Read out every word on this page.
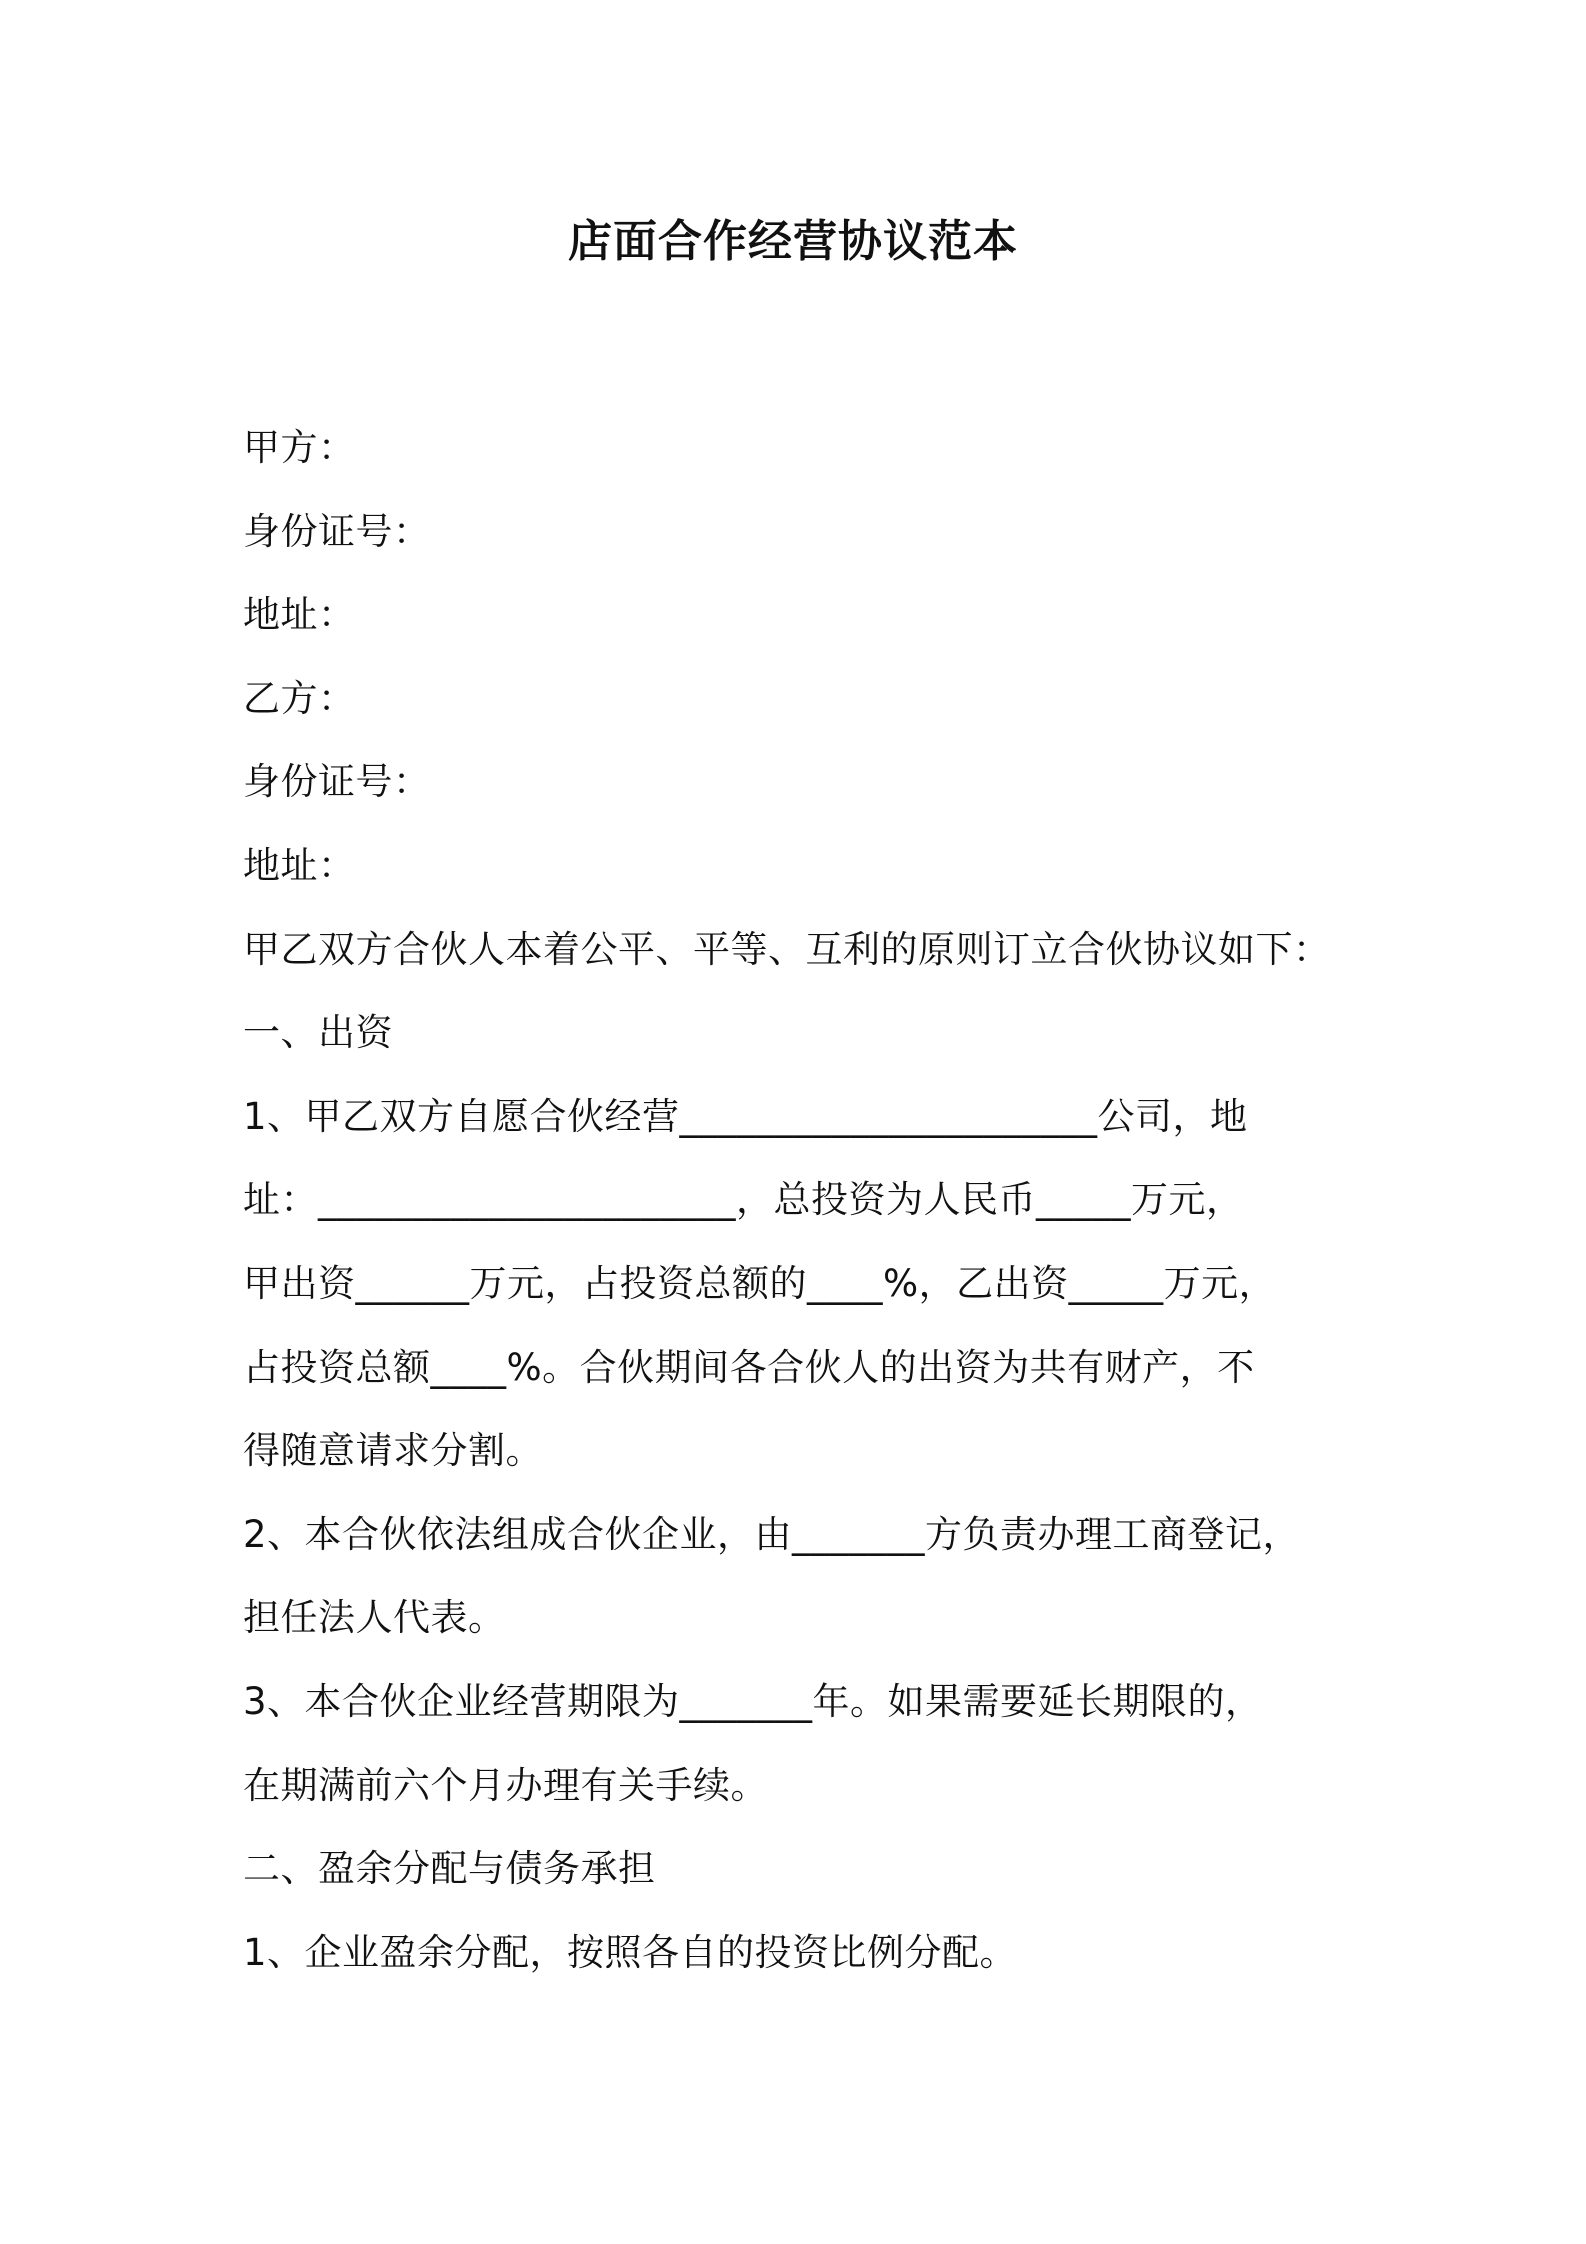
店面合作经营协议范本
甲方：
身份证号：
地址：
乙方：
身份证号：
地址：
甲乙双方合伙人本着公平、平等、互利的原则订立合伙协议如下：
一、出资
1、甲乙双方自愿合伙经营______________________公司，地
址：______________________，总投资为人民币_____万元，
甲出资______万元，占投资总额的____%，乙出资_____万元，
占投资总额____%。合伙期间各合伙人的出资为共有财产，不
得随意请求分割。
2、本合伙依法组成合伙企业，由_______方负责办理工商登记，
担任法人代表。
3、本合伙企业经营期限为_______年。如果需要延长期限的，
在期满前六个月办理有关手续。
二、盈余分配与债务承担
1、企业盈余分配，按照各自的投资比例分配。
